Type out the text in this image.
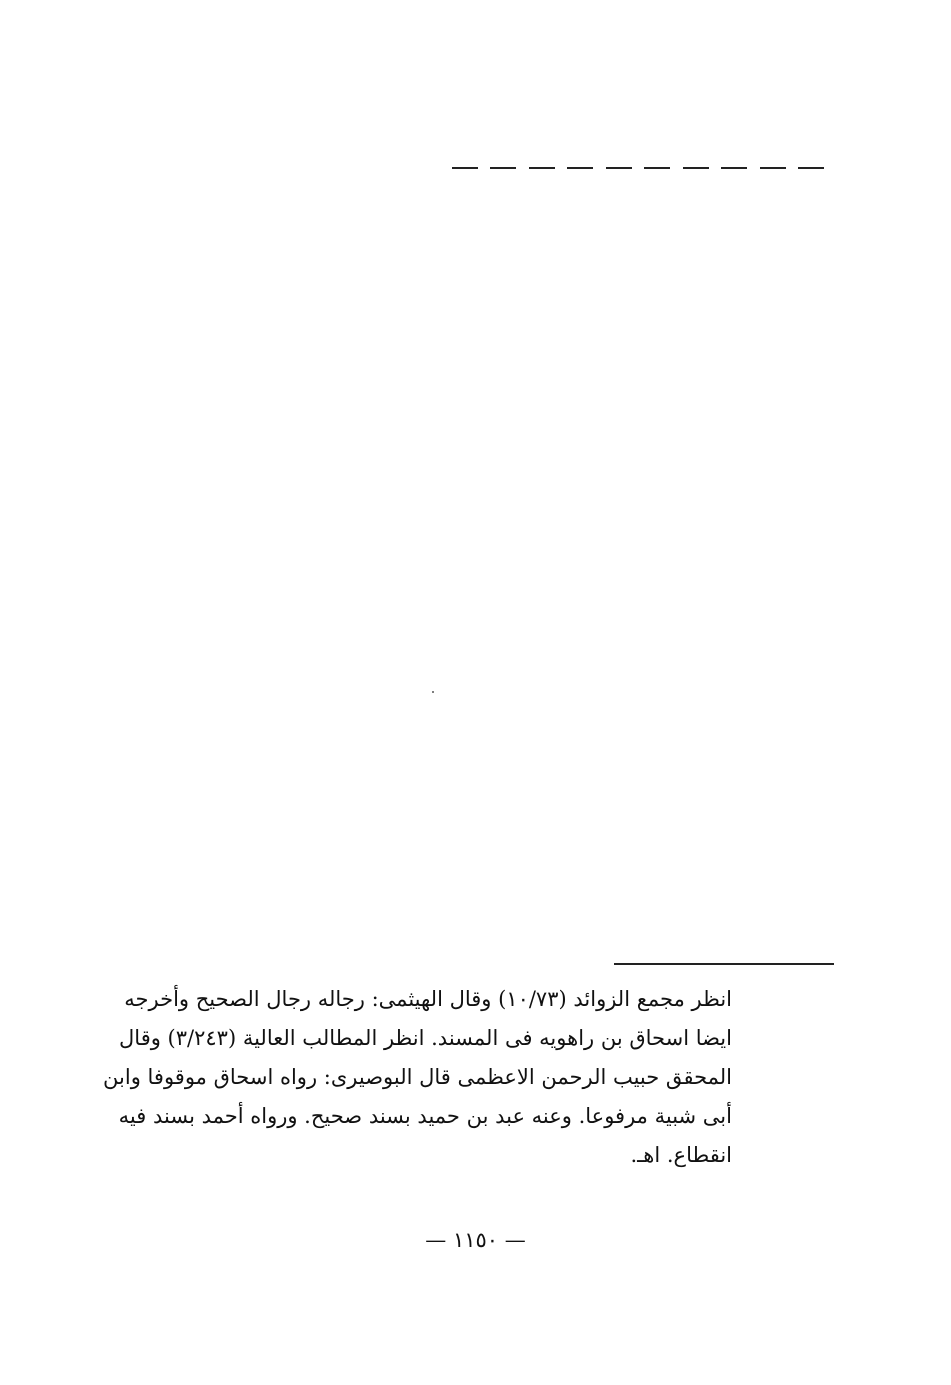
انظر مجمع الزوائد (١٠/٧٣) وقال الهيثمى: رجاله رجال الصحيح وأخرجه

ايضا اسحاق بن راهويه فى المسند. انظر المطالب العالية (٣/٢٤٣) وقال

المحقق حبيب الرحمن الاعظمى قال البوصيرى: رواه اسحاق موقوفا وابن

أبى شبية مرفوعا. وعنه عبد بن حميد بسند صحيح. ورواه أحمد بسند فيه

انقطاع. اهـ.

— ١١٥٠ —
